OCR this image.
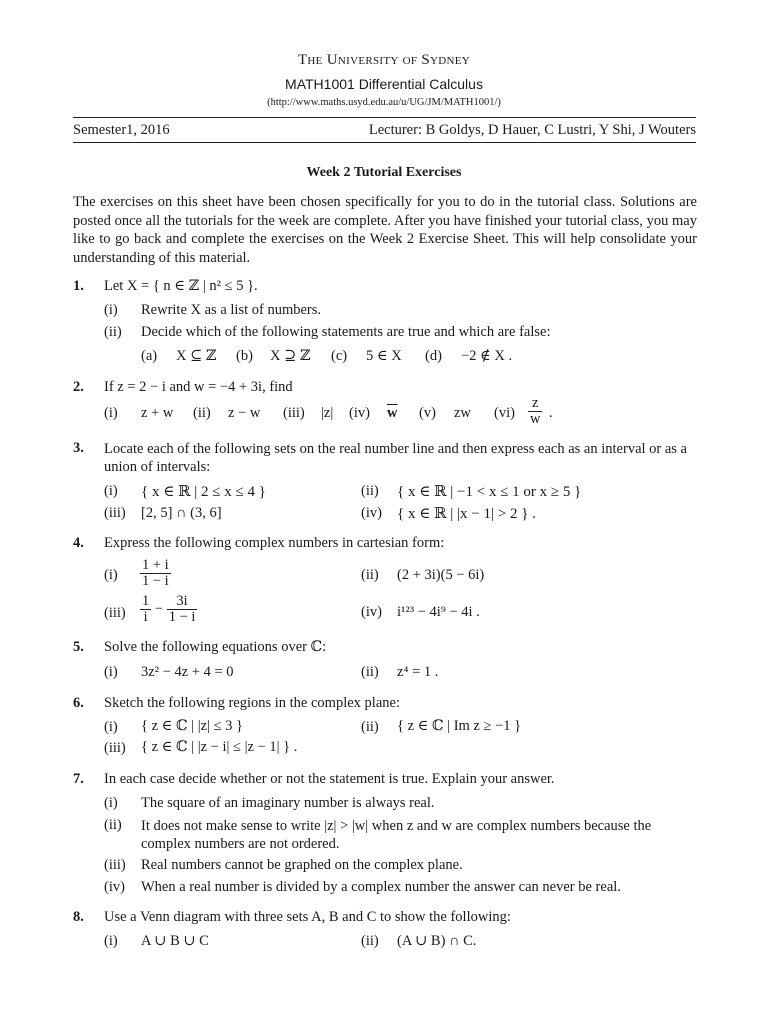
The University of Sydney
MATH1001 Differential Calculus
(http://www.maths.usyd.edu.au/u/UG/JM/MATH1001/)
Semester1, 2016	Lecturer: B Goldys, D Hauer, C Lustri, Y Shi, J Wouters
Week 2 Tutorial Exercises
The exercises on this sheet have been chosen specifically for you to do in the tutorial class. Solutions are posted once all the tutorials for the week are complete. After you have finished your tutorial class, you may like to go back and complete the exercises on the Week 2 Exercise Sheet. This will help consolidate your understanding of this material.
1. Let X = { n ∈ ℤ | n² ≤ 5 }.
(i) Rewrite X as a list of numbers.
(ii) Decide which of the following statements are true and which are false:
(a) X ⊆ ℤ (b) X ⊇ ℤ (c) 5 ∈ X (d) −2 ∉ X .
2. If z = 2 − i and w = −4 + 3i, find
(i) z + w (ii) z − w (iii) |z| (iv) $\overline{w}$ (v) zw $(vi) \frac{z}{w}$ .
3. Locate each of the following sets on the real number line and then express each as an interval or as a union of intervals:
(i) { x ∈ ℝ | 2 ≤ x ≤ 4 }	(ii) { x ∈ ℝ | −1 < x ≤ 1 or x ≥ 5 }
(iii) [2, 5] ∩ (3, 6]	(iv) { x ∈ ℝ | |x − 1| > 2 } .
4. Express the following complex numbers in cartesian form:
$(i) \frac{1 + i}{1 - i}$	(ii) (2 + 3i)(5 − 6i)
$(iii) \frac{1}{i} - \frac{3i}{1 - i}$	(iv) i¹²³ − 4i⁹ − 4i .
5. Solve the following equations over ℂ:
(i) 3z² − 4z + 4 = 0	(ii) z⁴ = 1 .
6. Sketch the following regions in the complex plane:
(i) { z ∈ ℂ | |z| ≤ 3 }	(ii) { z ∈ ℂ | Im z ≥ −1 }
(iii) { z ∈ ℂ | |z − i| ≤ |z − 1| } .
7. In each case decide whether or not the statement is true. Explain your answer.
(i) The square of an imaginary number is always real.
(ii) It does not make sense to write |z| > |w| when z and w are complex numbers because the complex numbers are not ordered.
(iii) Real numbers cannot be graphed on the complex plane.
(iv) When a real number is divided by a complex number the answer can never be real.
8. Use a Venn diagram with three sets A, B and C to show the following:
(i) A ∪ B ∪ C	(ii) (A ∪ B) ∩ C.
